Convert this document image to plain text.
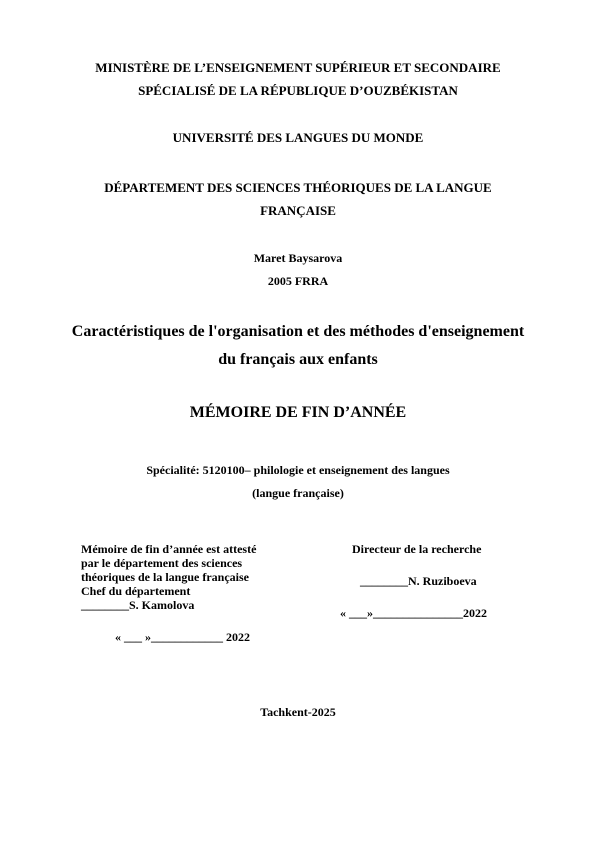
MINISTÈRE DE L’ENSEIGNEMENT SUPÉRIEUR ET SECONDAIRE
SPÉCIALISÉ DE LA RÉPUBLIQUE D’OUZBÉKISTAN
UNIVERSITÉ DES LANGUES DU MONDE
DÉPARTEMENT DES SCIENCES THÉORIQUES DE LA LANGUE
FRANÇAISE
Maret Baysarova
2005 FRRA
Caractéristiques de l'organisation et des méthodes d'enseignement
du français aux enfants
MÉMOIRE DE FIN D’ANNÉE
Spécialité: 5120100– philologie et enseignement des langues
(langue française)
Mémoire de fin d’année est attesté
par le département des sciences
théoriques de la langue française
Chef du département
________S. Kamolova
« ___ »____________ 2022
Directeur de la recherche
________N. Ruziboeva
« ___»_______________2022
Tachkent-2025
